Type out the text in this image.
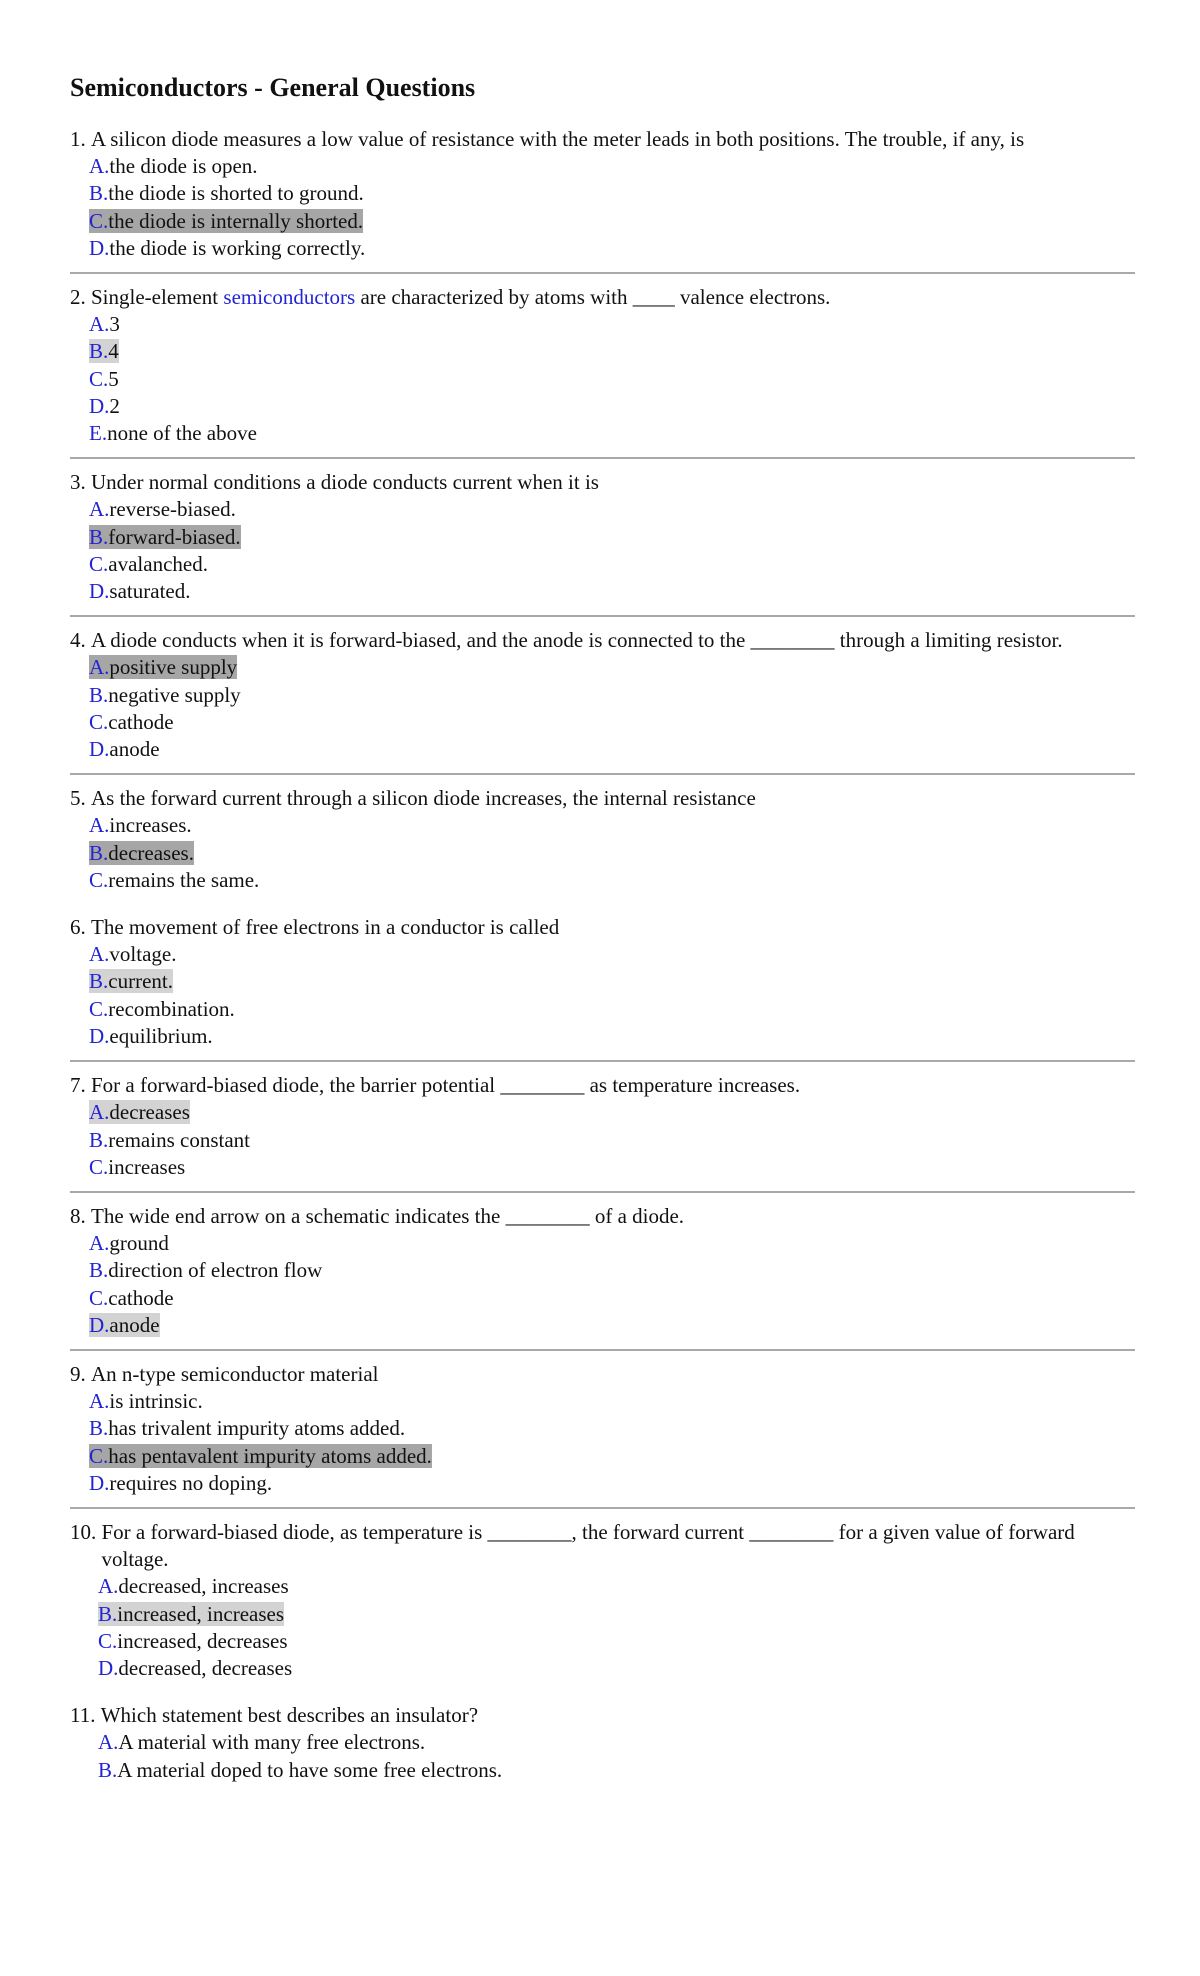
Semiconductors - General Questions
1. A silicon diode measures a low value of resistance with the meter leads in both positions. The trouble, if any, is
A.the diode is open.
B.the diode is shorted to ground.
C.the diode is internally shorted.
D.the diode is working correctly.
2. Single-element semiconductors are characterized by atoms with ____ valence electrons.
A.3
B.4
C.5
D.2
E.none of the above
3. Under normal conditions a diode conducts current when it is
A.reverse-biased.
B.forward-biased.
C.avalanched.
D.saturated.
4. A diode conducts when it is forward-biased, and the anode is connected to the ________ through a limiting resistor.
A.positive supply
B.negative supply
C.cathode
D.anode
5. As the forward current through a silicon diode increases, the internal resistance
A.increases.
B.decreases.
C.remains the same.
6. The movement of free electrons in a conductor is called
A.voltage.
B.current.
C.recombination.
D.equilibrium.
7. For a forward-biased diode, the barrier potential ________ as temperature increases.
A.decreases
B.remains constant
C.increases
8. The wide end arrow on a schematic indicates the ________ of a diode.
A.ground
B.direction of electron flow
C.cathode
D.anode
9. An n-type semiconductor material
A.is intrinsic.
B.has trivalent impurity atoms added.
C.has pentavalent impurity atoms added.
D.requires no doping.
10. For a forward-biased diode, as temperature is ________, the forward current ________ for a given value of forward voltage.
A.decreased, increases
B.increased, increases
C.increased, decreases
D.decreased, decreases
11. Which statement best describes an insulator?
A.A material with many free electrons.
B.A material doped to have some free electrons.
